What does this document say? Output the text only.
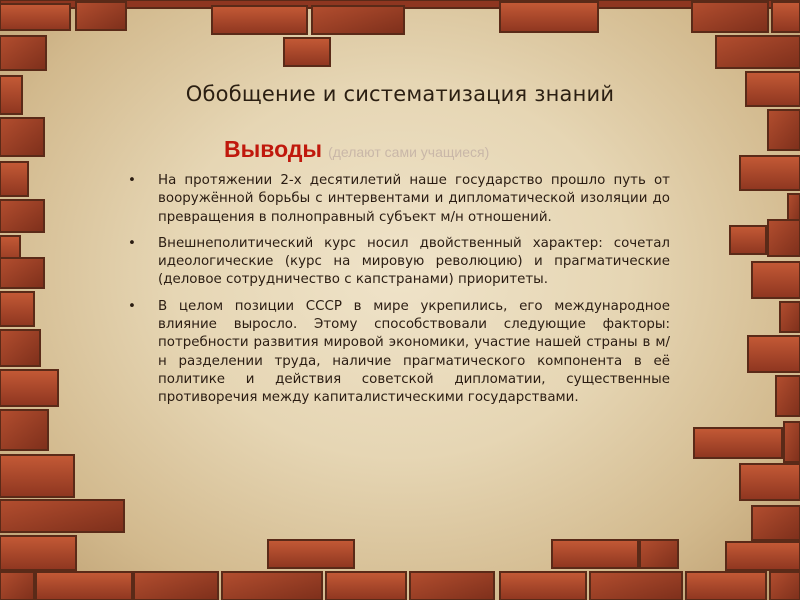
Обобщение и систематизация знаний
Выводы (делают сами учащиеся)
• На протяжении 2-х десятилетий наше государство прошло путь от вооружённой борьбы с интервентами и дипломатической изоляции до превращения в полноправный субъект м/н отношений.
• Внешнеполитический курс носил двойственный характер: сочетал идеологические (курс на мировую революцию) и прагматические (деловое сотрудничество с капстранами) приоритеты.
• В целом позиции СССР в мире укрепились, его международное влияние выросло. Этому способствовали следующие факторы: потребности развития мировой экономики, участие нашей страны в м/н разделении труда, наличие прагматического компонента в её политике и действия советской дипломатии, существенные противоречия между капиталистическими государствами.
